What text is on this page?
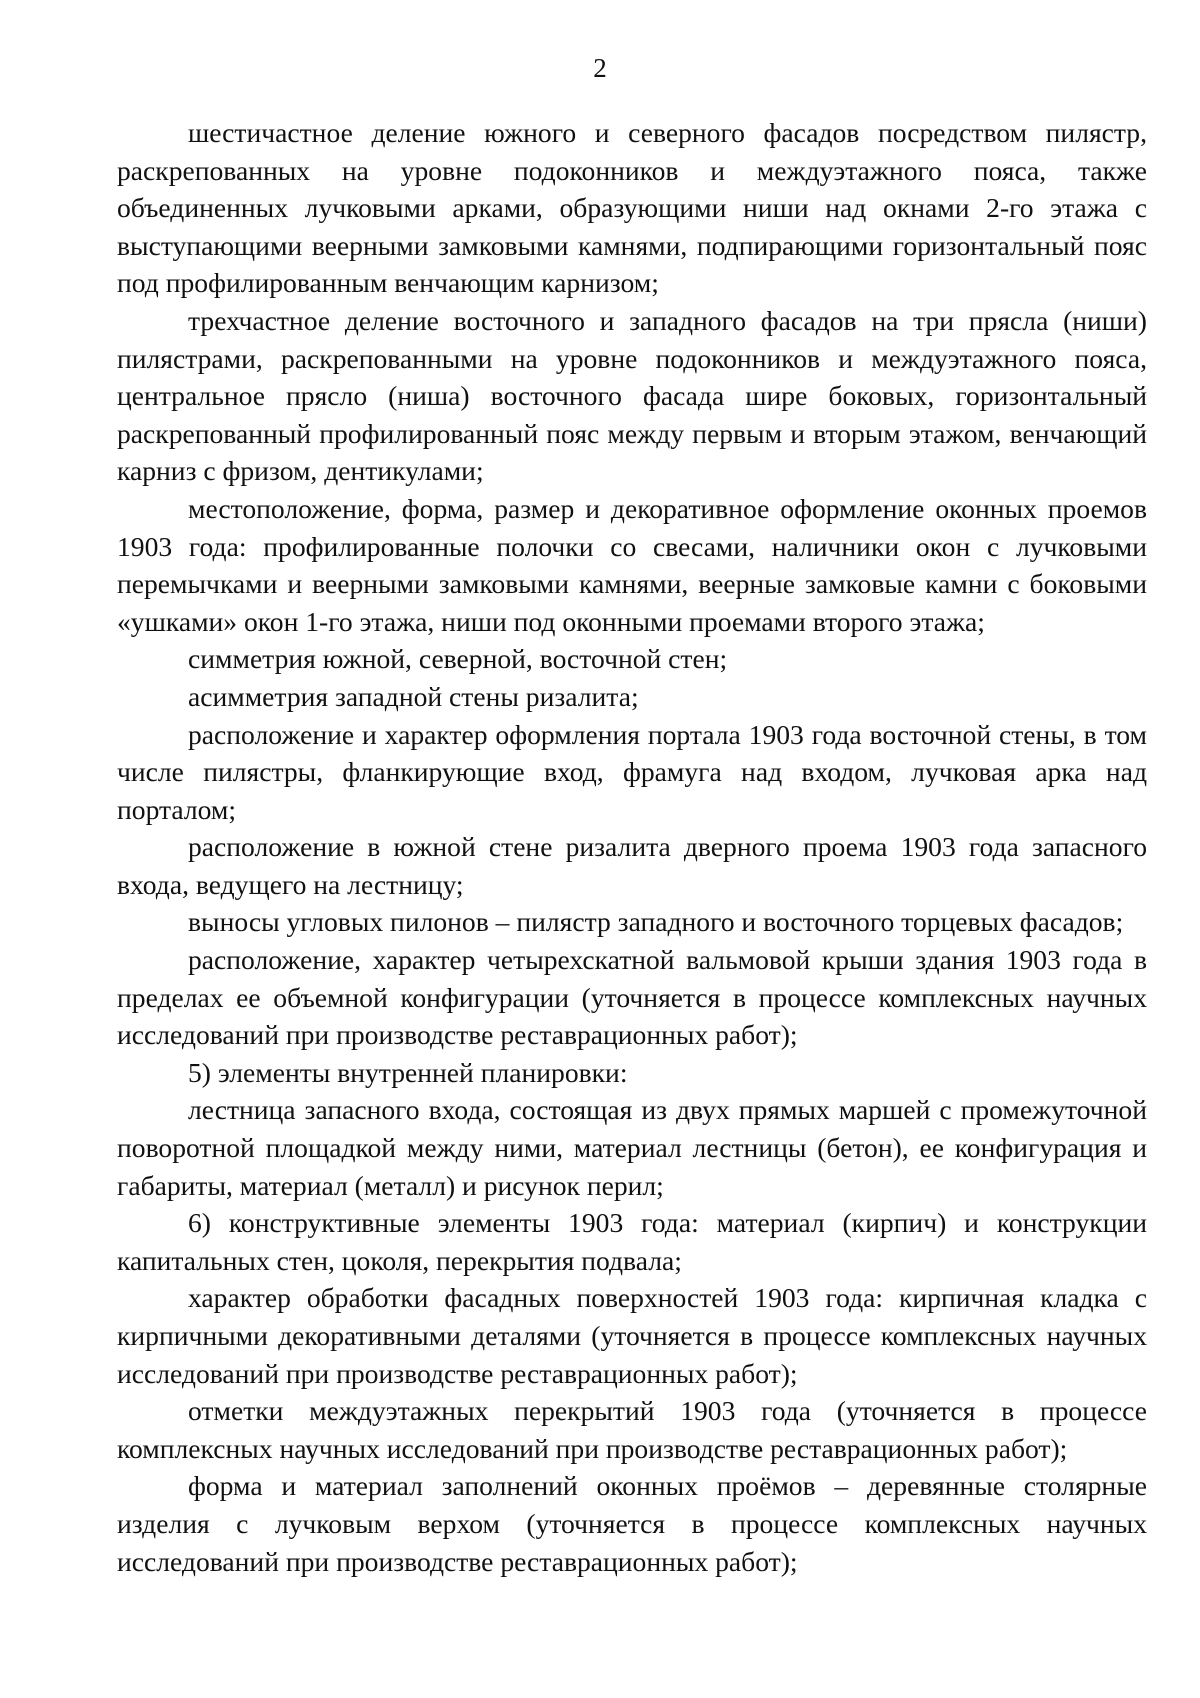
2

шестичастное деление южного и северного фасадов посредством пилястр, раскрепованных на уровне подоконников и междуэтажного пояса, также объединенных лучковыми арками, образующими ниши над окнами 2-го этажа с выступающими веерными замковыми камнями, подпирающими горизонтальный пояс под профилированным венчающим карнизом;

трехчастное деление восточного и западного фасадов на три прясла (ниши) пилястрами, раскрепованными на уровне подоконников и междуэтажного пояса, центральное прясло (ниша) восточного фасада шире боковых, горизонтальный раскрепованный профилированный пояс между первым и вторым этажом, венчающий карниз с фризом, дентикулами;

местоположение, форма, размер и декоративное оформление оконных проемов 1903 года: профилированные полочки со свесами, наличники окон с лучковыми перемычками и веерными замковыми камнями, веерные замковые камни с боковыми «ушками» окон 1-го этажа, ниши под оконными проемами второго этажа;

симметрия южной, северной, восточной стен;

асимметрия западной стены ризалита;

расположение и характер оформления портала 1903 года восточной стены, в том числе пилястры, фланкирующие вход, фрамуга над входом, лучковая арка над порталом;

расположение в южной стене ризалита дверного проема 1903 года запасного входа, ведущего на лестницу;

выносы угловых пилонов – пилястр западного и восточного торцевых фасадов;

расположение, характер четырехскатной вальмовой крыши здания 1903 года в пределах ее объемной конфигурации (уточняется в процессе комплексных научных исследований при производстве реставрационных работ);

5) элементы внутренней планировки:

лестница запасного входа, состоящая из двух прямых маршей с промежуточной поворотной площадкой между ними, материал лестницы (бетон), ее конфигурация и габариты, материал (металл) и рисунок перил;

6) конструктивные элементы 1903 года: материал (кирпич) и конструкции капитальных стен, цоколя, перекрытия подвала;

характер обработки фасадных поверхностей 1903 года: кирпичная кладка с кирпичными декоративными деталями (уточняется в процессе комплексных научных исследований при производстве реставрационных работ);

отметки междуэтажных перекрытий 1903 года (уточняется в процессе комплексных научных исследований при производстве реставрационных работ);

форма и материал заполнений оконных проёмов – деревянные столярные изделия с лучковым верхом (уточняется в процессе комплексных научных исследований при производстве реставрационных работ);
